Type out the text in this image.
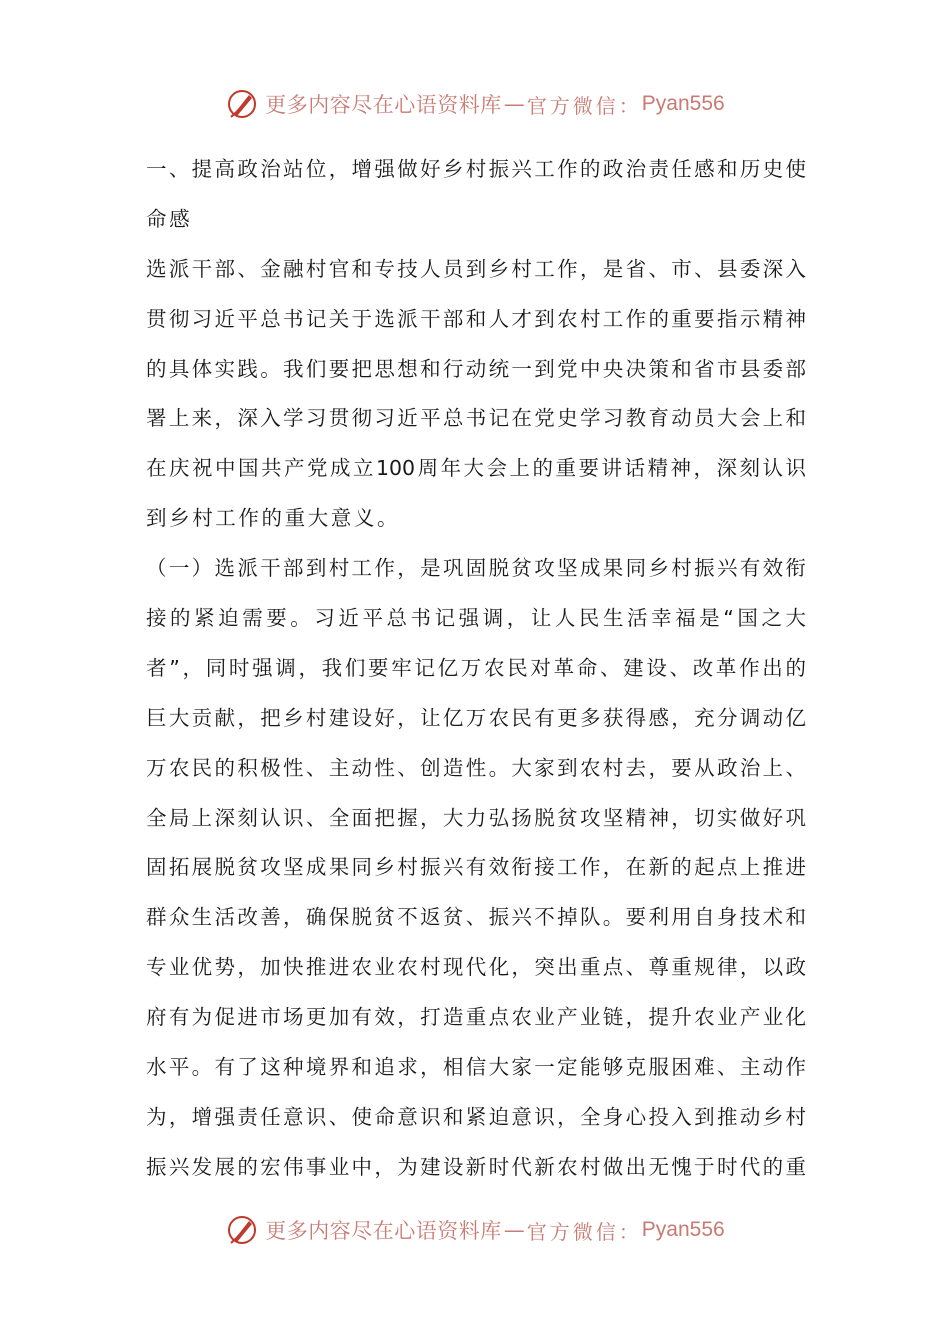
更多内容尽在心语资料库 — 官方微信： Pyan556
一、提高政治站位，增强做好乡村振兴工作的政治责任感和历史使
命感
选派干部、金融村官和专技人员到乡村工作，是省、市、县委深入
贯彻习近平总书记关于选派干部和人才到农村工作的重要指示精神
的具体实践。我们要把思想和行动统一到党中央决策和省市县委部
署上来，深入学习贯彻习近平总书记在党史学习教育动员大会上和
在庆祝中国共产党成立100周年大会上的重要讲话精神，深刻认识
到乡村工作的重大意义。
（一）选派干部到村工作，是巩固脱贫攻坚成果同乡村振兴有效衔
接的紧迫需要。习近平总书记强调，让人民生活幸福是“国之大
者”，同时强调，我们要牢记亿万农民对革命、建设、改革作出的
巨大贡献，把乡村建设好，让亿万农民有更多获得感，充分调动亿
万农民的积极性、主动性、创造性。大家到农村去，要从政治上、
全局上深刻认识、全面把握，大力弘扬脱贫攻坚精神，切实做好巩
固拓展脱贫攻坚成果同乡村振兴有效衔接工作，在新的起点上推进
群众生活改善，确保脱贫不返贫、振兴不掉队。要利用自身技术和
专业优势，加快推进农业农村现代化，突出重点、尊重规律，以政
府有为促进市场更加有效，打造重点农业产业链，提升农业产业化
水平。有了这种境界和追求，相信大家一定能够克服困难、主动作
为，增强责任意识、使命意识和紧迫意识，全身心投入到推动乡村
振兴发展的宏伟事业中，为建设新时代新农村做出无愧于时代的重
更多内容尽在心语资料库 — 官方微信： Pyan556
